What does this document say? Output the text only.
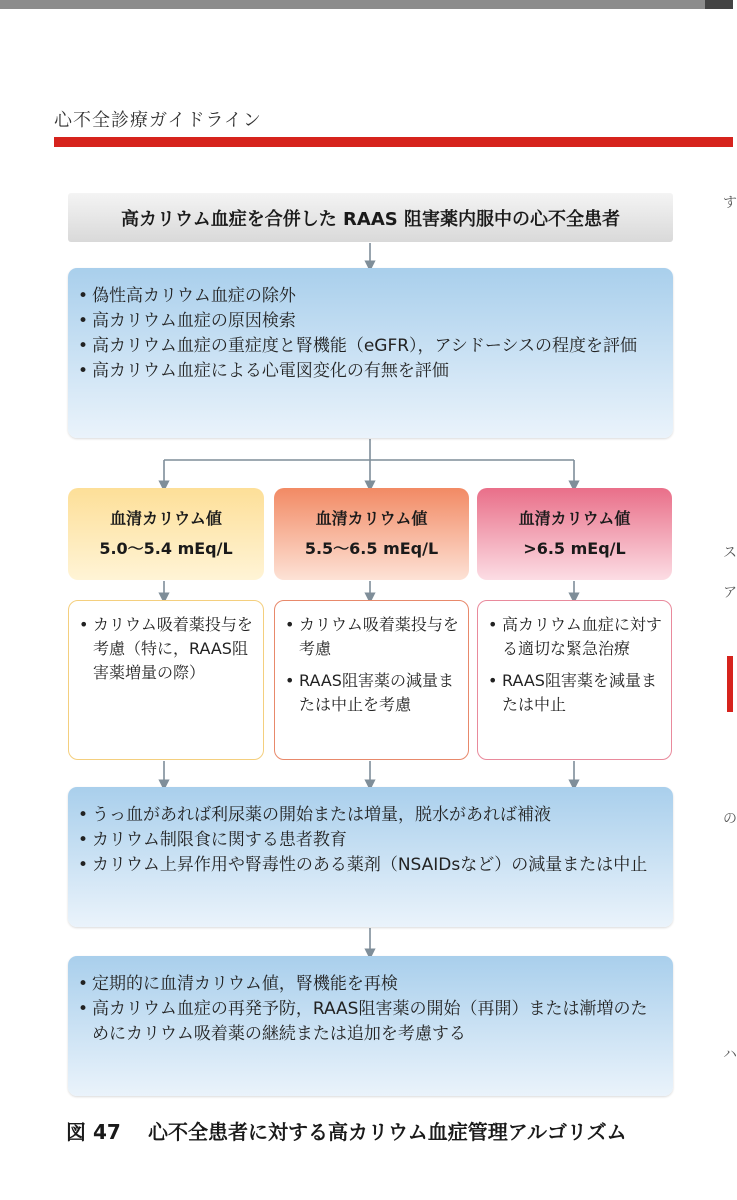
心不全診療ガイドライン
す
ス
ア
の
ハ
高カリウム血症を合併した RAAS 阻害薬内服中の心不全患者
• 偽性高カリウム血症の除外
• 高カリウム血症の原因検索
• 高カリウム血症の重症度と腎機能（eGFR），アシドーシスの程度を評価
• 高カリウム血症による心電図変化の有無を評価
血清カリウム値
5.0〜5.4 mEq/L
血清カリウム値
5.5〜6.5 mEq/L
血清カリウム値
>6.5 mEq/L
• カリウム吸着薬投与を考慮（特に，RAAS阻害薬増量の際）
• カリウム吸着薬投与を考慮
• RAAS阻害薬の減量または中止を考慮
• 高カリウム血症に対する適切な緊急治療
• RAAS阻害薬を減量または中止
• うっ血があれば利尿薬の開始または増量，脱水があれば補液
• カリウム制限食に関する患者教育
• カリウム上昇作用や腎毒性のある薬剤（NSAIDsなど）の減量または中止
• 定期的に血清カリウム値，腎機能を再検
• 高カリウム血症の再発予防，RAAS阻害薬の開始（再開）または漸増のためにカリウム吸着薬の継続または追加を考慮する
図 47	心不全患者に対する高カリウム血症管理アルゴリズム
